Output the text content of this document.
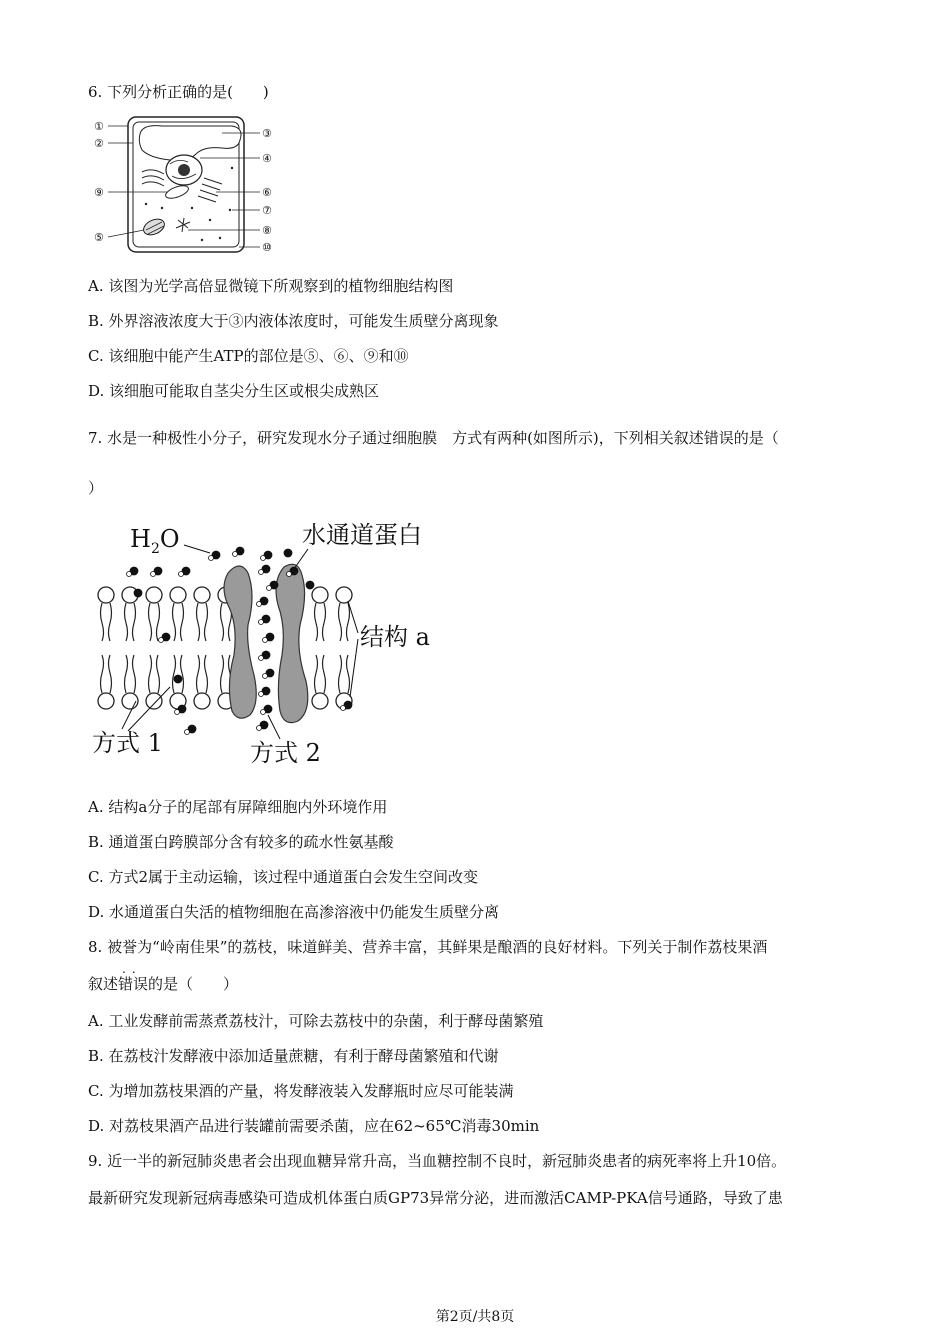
6. 下列分析正确的是(　　)
①
②
③
④
⑨	⑥
⑦
⑧
⑤
⑩
A. 该图为光学高倍显微镜下所观察到的植物细胞结构图
B. 外界溶液浓度大于③内液体浓度时，可能发生质壁分离现象
C. 该细胞中能产生ATP的部位是⑤、⑥、⑨和⑩
D. 该细胞可能取自茎尖分生区或根尖成熟区
7. 水是一种极性小分子，研究发现水分子通过细胞膜　方式有两种(如图所示)，下列相关叙述错误的是（
）
$H_2O$	水通道蛋白
结构 a
方式 1	方式 2
A. 结构a分子的尾部有屏障细胞内外环境作用
B. 通道蛋白跨膜部分含有较多的疏水性氨基酸
C. 方式2属于主动运输，该过程中通道蛋白会发生空间改变
D. 水通道蛋白失活的植物细胞在高渗溶液中仍能发生质壁分离
8. 被誉为“岭南佳果”的荔枝，味道鲜美、营养丰富，其鲜果是酿酒的良好材料。下列关于制作荔枝果酒
..
叙述错误的是（　　）
A. 工业发酵前需蒸煮荔枝汁，可除去荔枝中的杂菌，利于酵母菌繁殖
B. 在荔枝汁发酵液中添加适量蔗糖，有利于酵母菌繁殖和代谢
C. 为增加荔枝果酒的产量，将发酵液装入发酵瓶时应尽可能装满
D. 对荔枝果酒产品进行装罐前需要杀菌，应在62~65℃消毒30min
9. 近一半的新冠肺炎患者会出现血糖异常升高，当血糖控制不良时，新冠肺炎患者的病死率将上升10倍。
最新研究发现新冠病毒感染可造成机体蛋白质GP73异常分泌，进而激活CAMP-PKA信号通路，导致了患
第2页/共8页
